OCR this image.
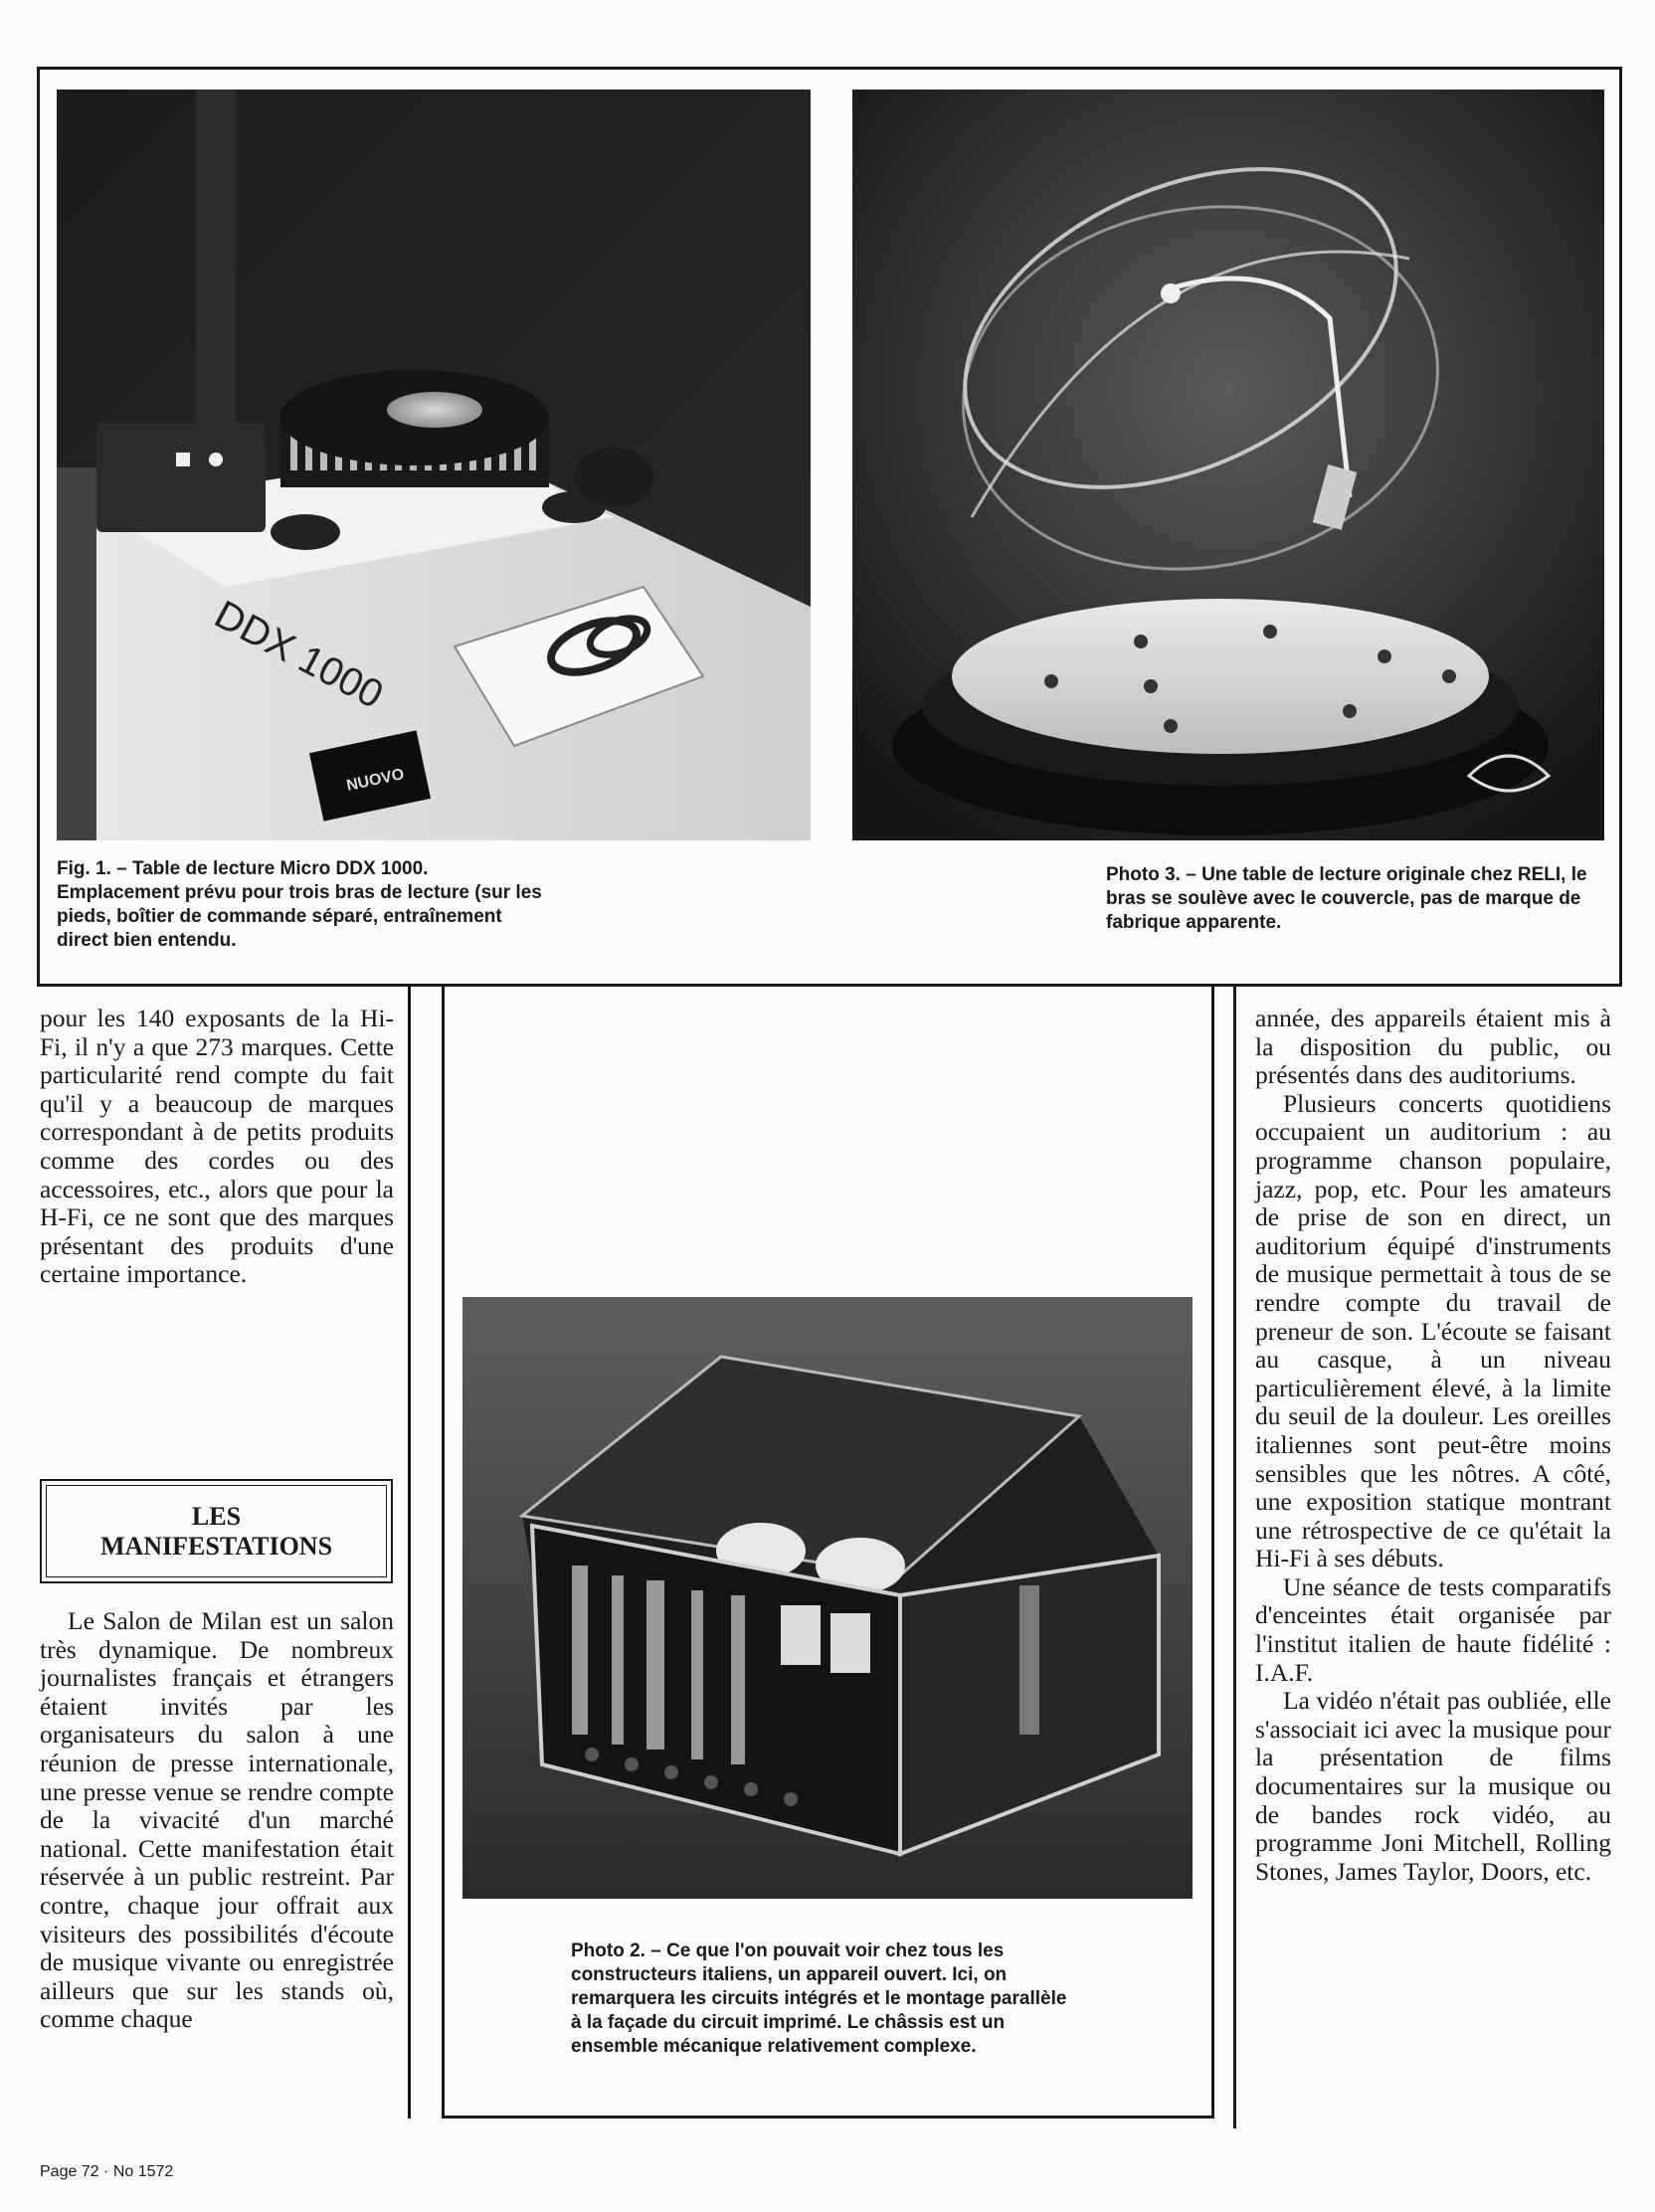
NUOVO
DDX 1000
Fig. 1. – Table de lecture Micro DDX 1000. Emplacement prévu pour trois bras de lecture (sur les pieds, boîtier de commande séparé, entraînement direct bien entendu.
Photo 3. – Une table de lecture originale chez RELI, le bras se soulève avec le couvercle, pas de marque de fabrique apparente.

pour les 140 exposants de la Hi-Fi, il n'y a que 273 marques. Cette particularité rend compte du fait qu'il y a beaucoup de marques correspondant à de petits produits comme des cordes ou des accessoires, etc., alors que pour la H-Fi, ce ne sont que des marques présentant des produits d'une certaine importance.

LES MANIFESTATIONS

Le Salon de Milan est un salon très dynamique. De nombreux journalistes français et étrangers étaient invités par les organisateurs du salon à une réunion de presse internationale, une presse venue se rendre compte de la vivacité d'un marché national. Cette manifestation était réservée à un public restreint. Par contre, chaque jour offrait aux visiteurs des possibilités d'écoute de musique vivante ou enregistrée ailleurs que sur les stands où, comme chaque

Photo 2. – Ce que l'on pouvait voir chez tous les constructeurs italiens, un appareil ouvert. Ici, on remarquera les circuits intégrés et le montage parallèle à la façade du circuit imprimé. Le châssis est un ensemble mécanique relativement complexe.

année, des appareils étaient mis à la disposition du public, ou présentés dans des auditoriums.

Plusieurs concerts quotidiens occupaient un auditorium : au programme chanson populaire, jazz, pop, etc. Pour les amateurs de prise de son en direct, un auditorium équipé d'instruments de musique permettait à tous de se rendre compte du travail de preneur de son. L'écoute se faisant au casque, à un niveau particulièrement élevé, à la limite du seuil de la douleur. Les oreilles italiennes sont peut-être moins sensibles que les nôtres. A côté, une exposition statique montrant une rétrospective de ce qu'était la Hi-Fi à ses débuts.

Une séance de tests comparatifs d'enceintes était organisée par l'institut italien de haute fidélité : I.A.F.

La vidéo n'était pas oubliée, elle s'associait ici avec la musique pour la présentation de films documentaires sur la musique ou de bandes rock vidéo, au programme Joni Mitchell, Rolling Stones, James Taylor, Doors, etc.

Page 72 · No 1572
